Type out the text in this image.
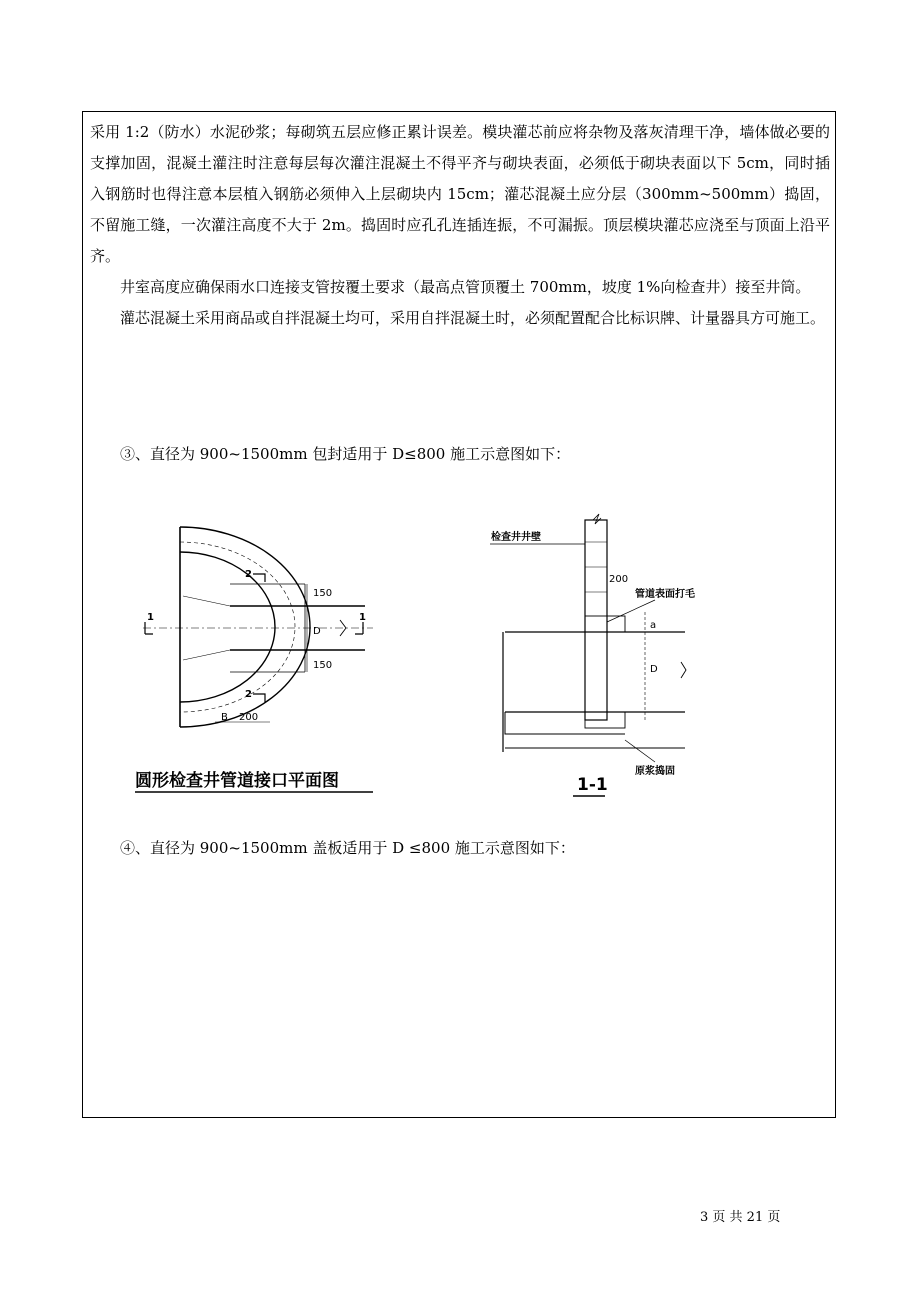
采用 1:2（防水）水泥砂浆；每砌筑五层应修正累计误差。模块灌芯前应将杂物及落灰清理干净，墙体做必要的支撑加固，混凝土灌注时注意每层每次灌注混凝土不得平齐与砌块表面，必须低于砌块表面以下 5cm，同时插入钢筋时也得注意本层植入钢筋必须伸入上层砌块内 15cm；灌芯混凝土应分层（300mm~500mm）捣固，不留施工缝，一次灌注高度不大于 2m。捣固时应孔孔连插连振，不可漏振。顶层模块灌芯应浇至与顶面上沿平齐。

井室高度应确保雨水口连接支管按覆土要求（最高点管顶覆土 700mm，坡度 1%向检查井）接至井筒。

灌芯混凝土采用商品或自拌混凝土均可，采用自拌混凝土时，必须配置配合比标识牌、计量器具方可施工。

③、直径为 900~1500mm 包封适用于 D≤800 施工示意图如下：
1	1
2
2
150
D
150
B 200
圆形检查井管道接口平面图
检查井井壁
200
管道表面打毛
a
D
原浆捣固
1-1
④、直径为 900~1500mm 盖板适用于 D ≤800 施工示意图如下：
3 页 共 21 页
